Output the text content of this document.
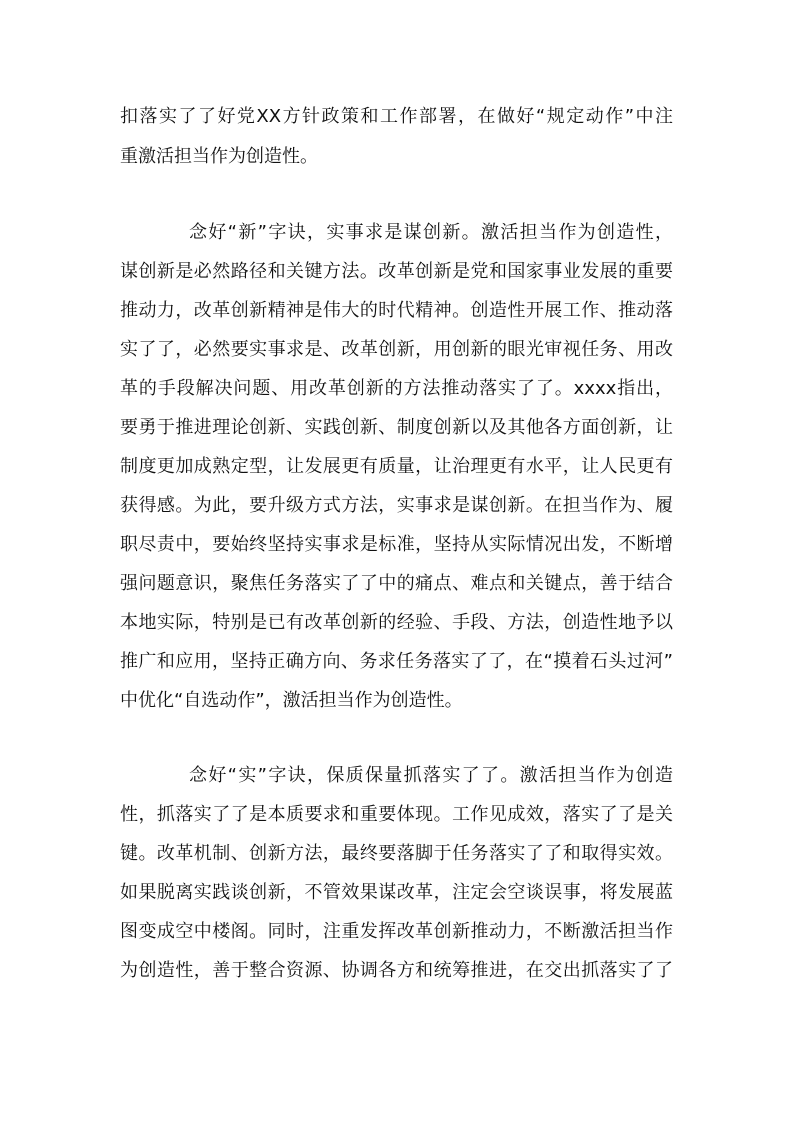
扣落实了了好党XX方针政策和工作部署，在做好“规定动作”中注
重激活担当作为创造性。
念好“新”字诀，实事求是谋创新。激活担当作为创造性，
谋创新是必然路径和关键方法。改革创新是党和国家事业发展的重要
推动力，改革创新精神是伟大的时代精神。创造性开展工作、推动落
实了了，必然要实事求是、改革创新，用创新的眼光审视任务、用改
革的手段解决问题、用改革创新的方法推动落实了了。xxxx指出，
要勇于推进理论创新、实践创新、制度创新以及其他各方面创新，让
制度更加成熟定型，让发展更有质量，让治理更有水平，让人民更有
获得感。为此，要升级方式方法，实事求是谋创新。在担当作为、履
职尽责中，要始终坚持实事求是标准，坚持从实际情况出发，不断增
强问题意识，聚焦任务落实了了中的痛点、难点和关键点，善于结合
本地实际，特别是已有改革创新的经验、手段、方法，创造性地予以
推广和应用，坚持正确方向、务求任务落实了了，在“摸着石头过河”
中优化“自选动作”，激活担当作为创造性。
念好“实”字诀，保质保量抓落实了了。激活担当作为创造
性，抓落实了了是本质要求和重要体现。工作见成效，落实了了是关
键。改革机制、创新方法，最终要落脚于任务落实了了和取得实效。
如果脱离实践谈创新，不管效果谋改革，注定会空谈误事，将发展蓝
图变成空中楼阁。同时，注重发挥改革创新推动力，不断激活担当作
为创造性，善于整合资源、协调各方和统筹推进，在交出抓落实了了
